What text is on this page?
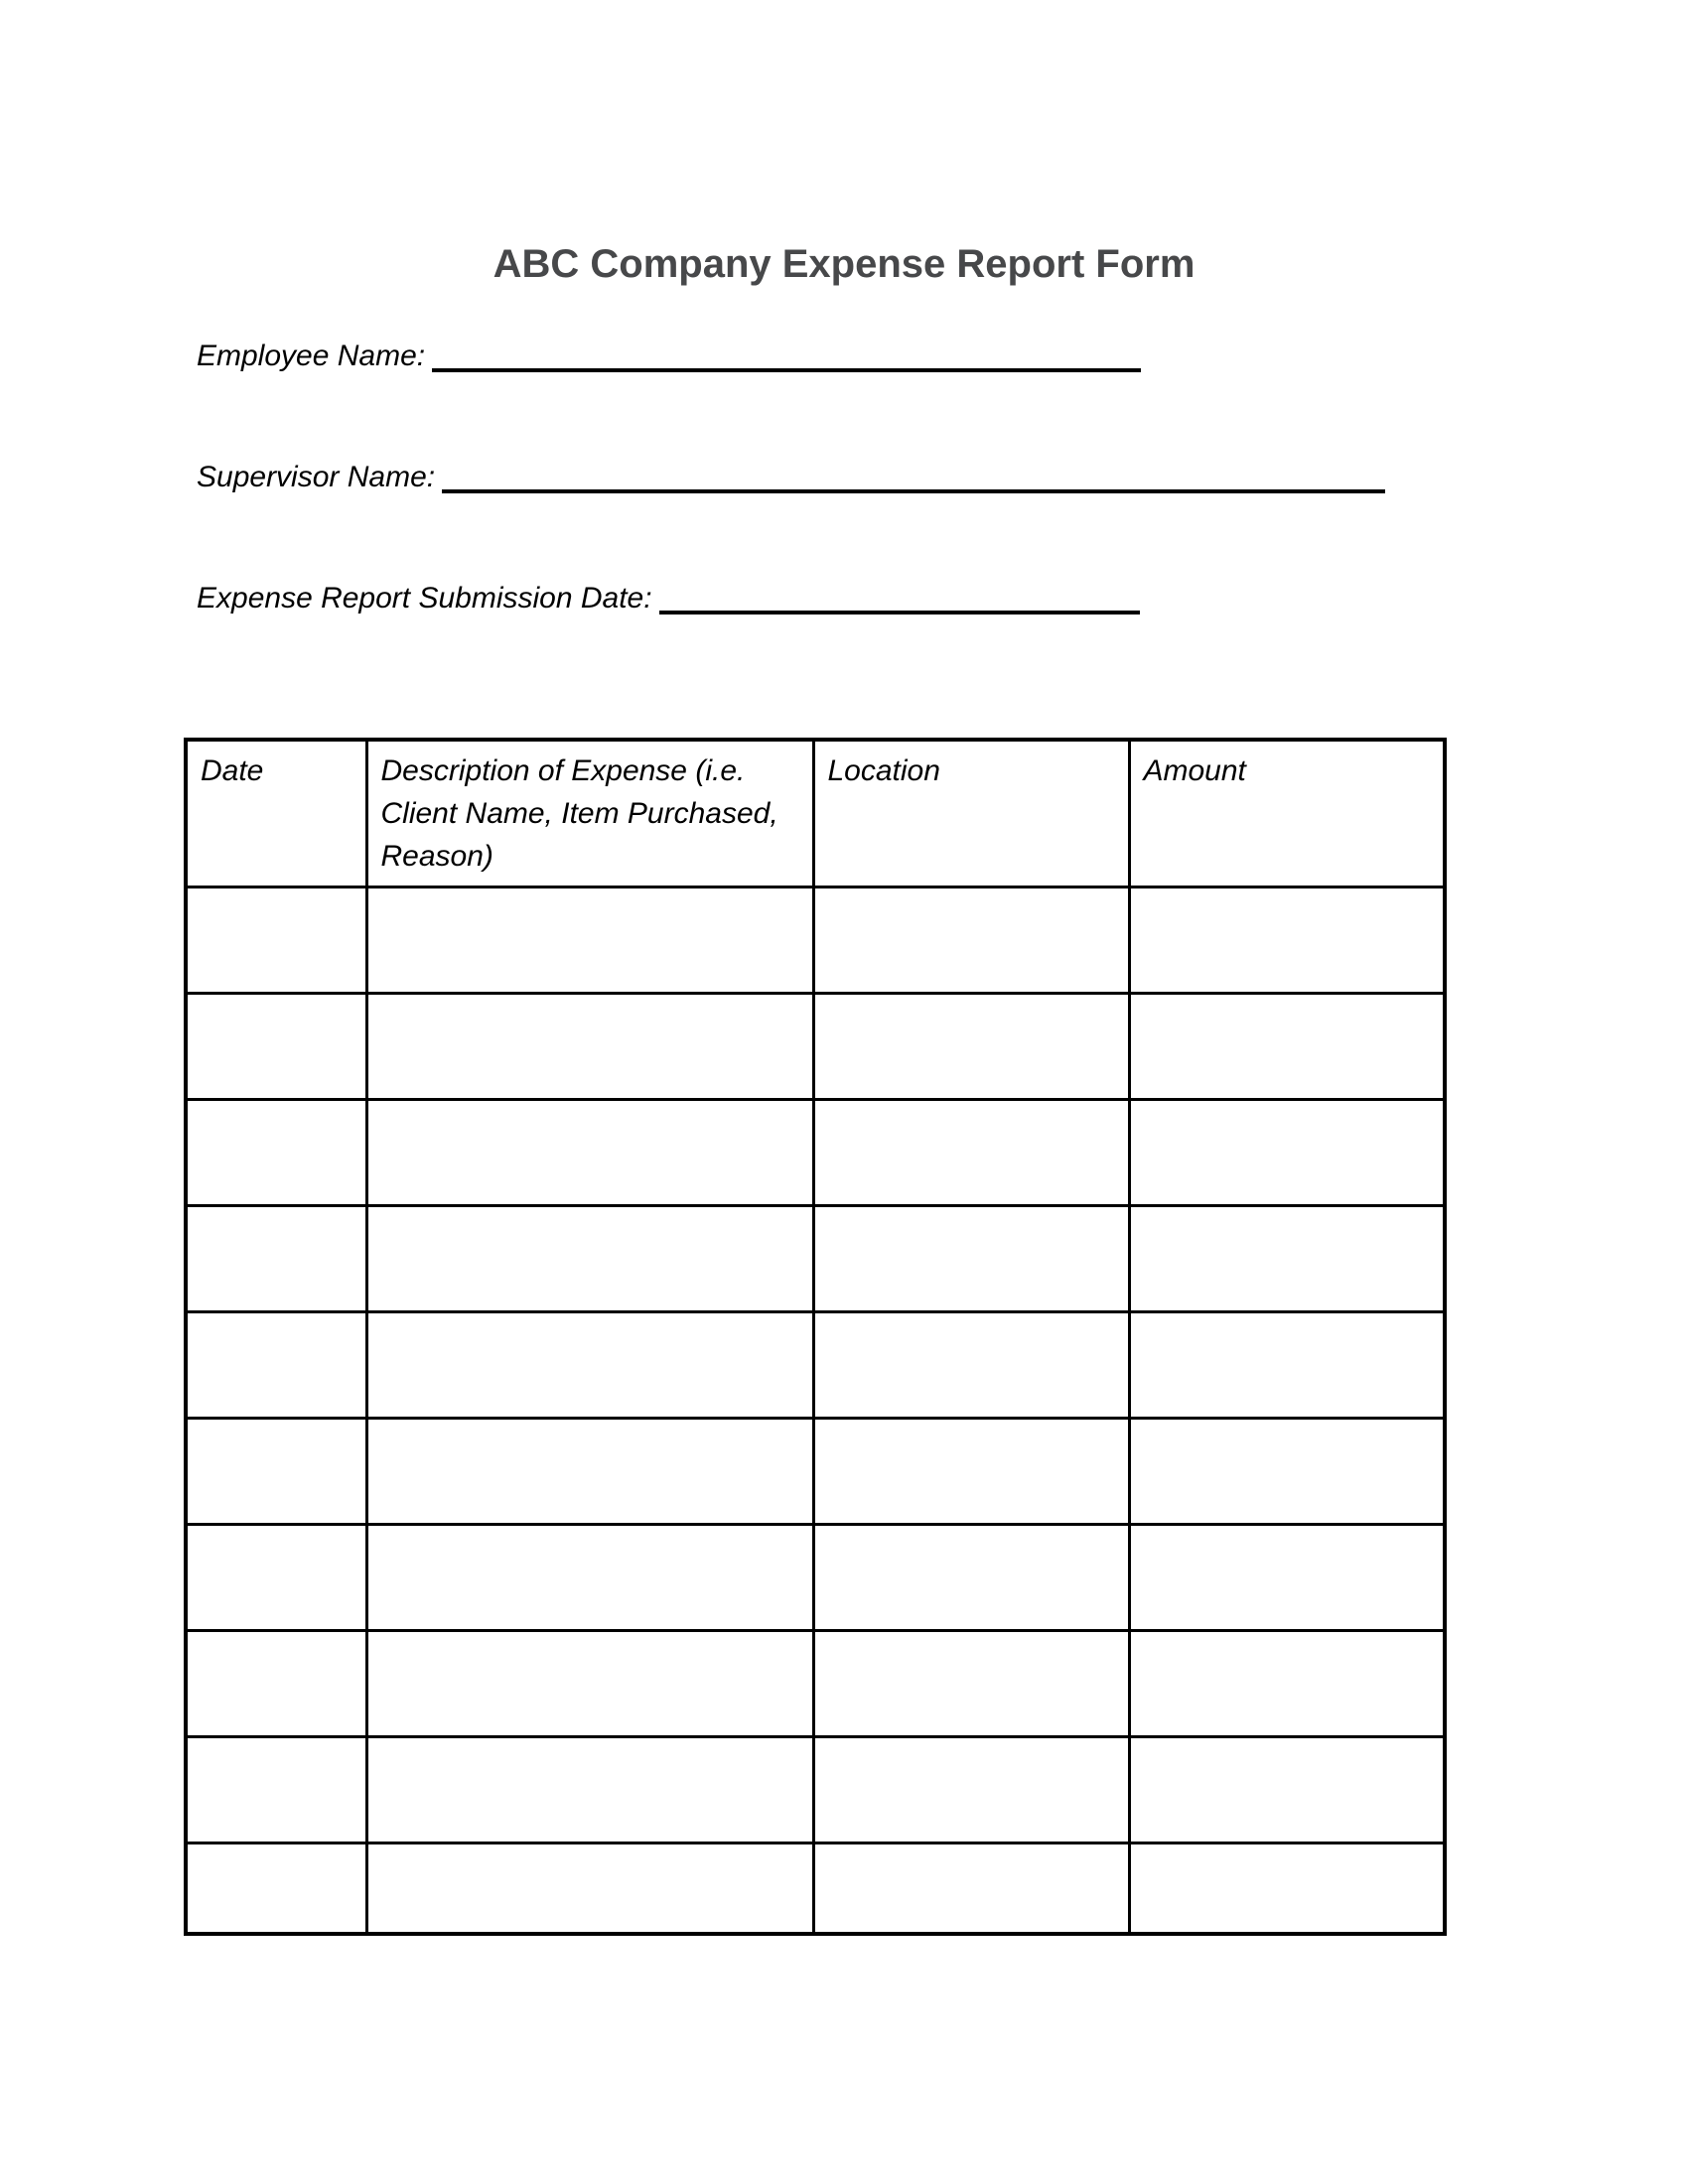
ABC Company Expense Report Form
Employee Name:
Supervisor Name:
Expense Report Submission Date:
Date	Description of Expense (i.e. Client Name, Item Purchased, Reason)	Location	Amount
